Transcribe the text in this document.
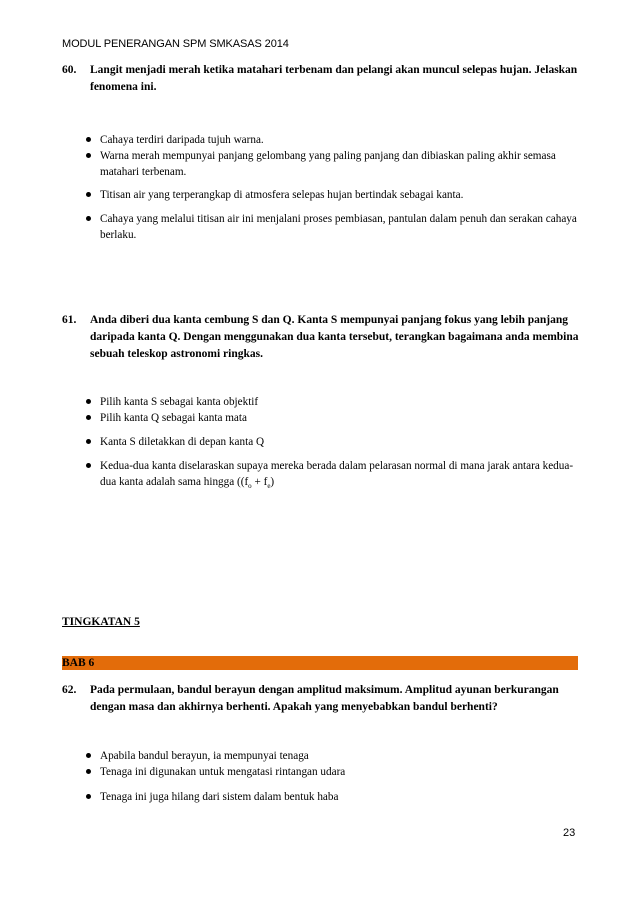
MODUL PENERANGAN SPM SMKASAS 2014
60. Langit menjadi merah ketika matahari terbenam dan pelangi akan muncul selepas hujan. Jelaskan fenomena ini.
Cahaya terdiri daripada tujuh warna.
Warna merah mempunyai panjang gelombang yang paling panjang dan dibiaskan paling akhir semasa matahari terbenam.
Titisan air yang terperangkap di atmosfera selepas hujan bertindak sebagai kanta.
Cahaya yang melalui titisan air ini menjalani proses pembiasan, pantulan dalam penuh dan serakan cahaya berlaku.
61. Anda diberi dua kanta cembung S dan Q. Kanta S mempunyai panjang fokus yang lebih panjang daripada kanta Q. Dengan menggunakan dua kanta tersebut, terangkan bagaimana anda membina sebuah teleskop astronomi ringkas.
Pilih kanta S sebagai kanta objektif
Pilih kanta Q sebagai kanta mata
Kanta S diletakkan di depan kanta Q
Kedua-dua kanta diselaraskan supaya mereka berada dalam pelarasan normal di mana jarak antara kedua-dua kanta adalah sama hingga ($(f_o + f_e)$
TINGKATAN 5
BAB 6
62. Pada permulaan, bandul berayun dengan amplitud maksimum. Amplitud ayunan berkurangan dengan masa dan akhirnya berhenti. Apakah yang menyebabkan bandul berhenti?
Apabila bandul berayun, ia mempunyai tenaga
Tenaga ini digunakan untuk mengatasi rintangan udara
Tenaga ini juga hilang dari sistem dalam bentuk haba
23
